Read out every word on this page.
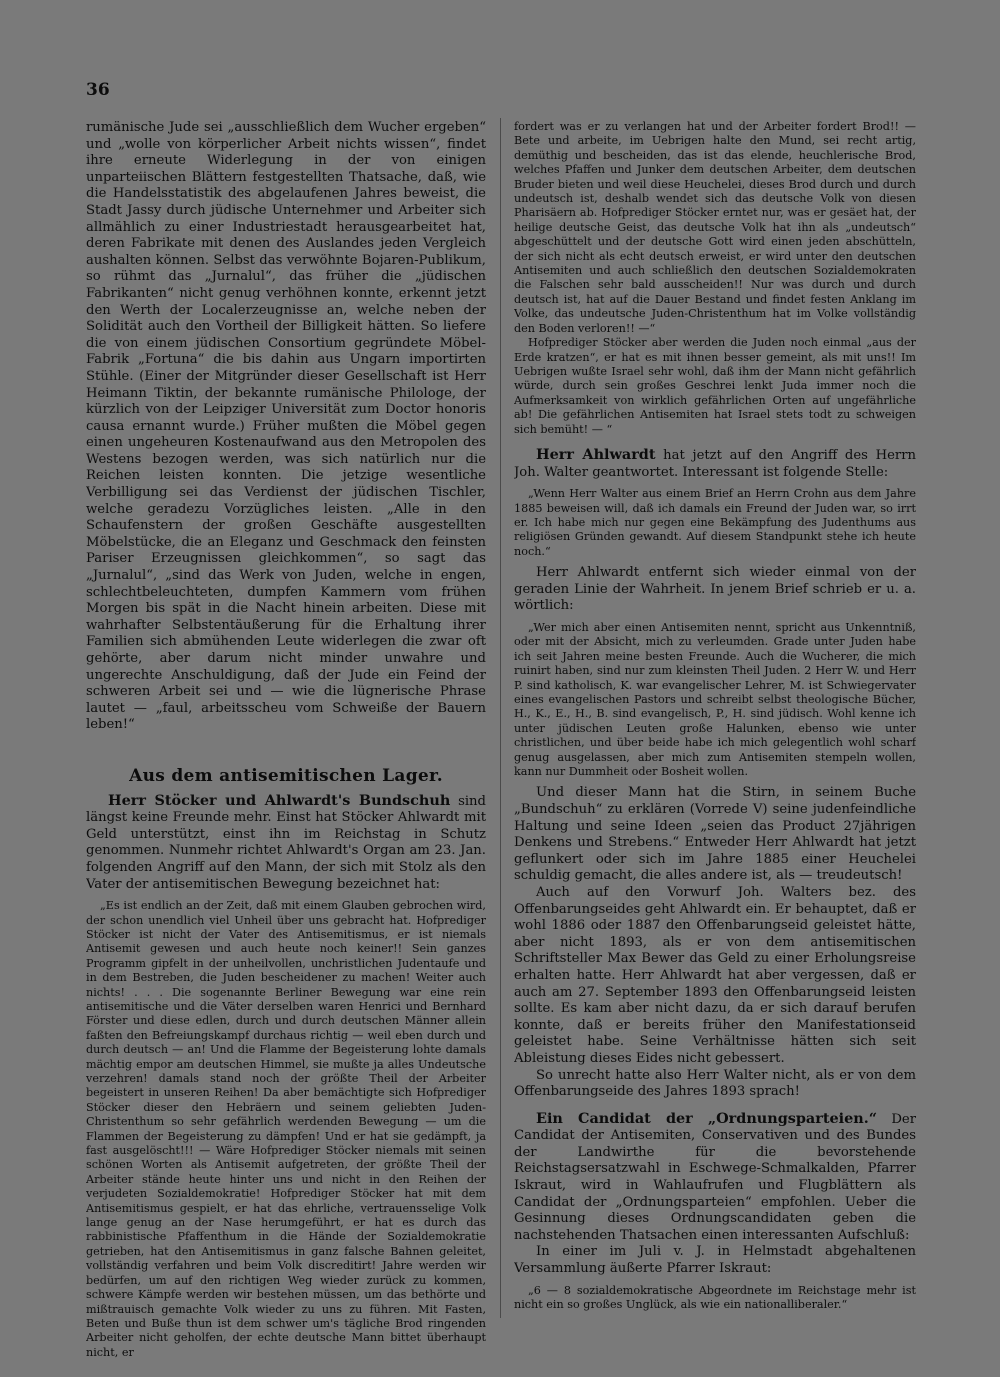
36

rumänische Jude sei „ausschließlich dem Wucher ergeben“ und „wolle von körperlicher Arbeit nichts wissen“, findet ihre erneute Widerlegung in der von einigen unparteiischen Blättern festgestellten Thatsache, daß, wie die Handelsstatistik des abgelaufenen Jahres beweist, die Stadt Jassy durch jüdische Unternehmer und Arbeiter sich allmählich zu einer Industriestadt herausgearbeitet hat, deren Fabrikate mit denen des Auslandes jeden Vergleich aushalten können. Selbst das verwöhnte Bojaren-Publikum, so rühmt das „Jurnalul“, das früher die „jüdischen Fabrikanten“ nicht genug verhöhnen konnte, erkennt jetzt den Werth der Localerzeugnisse an, welche neben der Solidität auch den Vortheil der Billigkeit hätten. So liefere die von einem jüdischen Consortium gegründete Möbel-Fabrik „Fortuna“ die bis dahin aus Ungarn importirten Stühle. (Einer der Mitgründer dieser Gesellschaft ist Herr Heimann Tiktin, der bekannte rumänische Philologe, der kürzlich von der Leipziger Universität zum Doctor honoris causa ernannt wurde.) Früher mußten die Möbel gegen einen ungeheuren Kostenaufwand aus den Metropolen des Westens bezogen werden, was sich natürlich nur die Reichen leisten konnten. Die jetzige wesentliche Verbilligung sei das Verdienst der jüdischen Tischler, welche geradezu Vorzügliches leisten. „Alle in den Schaufenstern der großen Geschäfte ausgestellten Möbelstücke, die an Eleganz und Geschmack den feinsten Pariser Erzeugnissen gleichkommen“, so sagt das „Jurnalul“, „sind das Werk von Juden, welche in engen, schlechtbeleuchteten, dumpfen Kammern vom frühen Morgen bis spät in die Nacht hinein arbeiten. Diese mit wahrhafter Selbstentäußerung für die Erhaltung ihrer Familien sich abmühenden Leute widerlegen die zwar oft gehörte, aber darum nicht minder unwahre und ungerechte Anschuldigung, daß der Jude ein Feind der schweren Arbeit sei und — wie die lügnerische Phrase lautet — „faul, arbeitsscheu vom Schweiße der Bauern leben!“

Aus dem antisemitischen Lager.

Herr Stöcker und Ahlwardt's Bundschuh sind längst keine Freunde mehr. Einst hat Stöcker Ahlwardt mit Geld unterstützt, einst ihn im Reichstag in Schutz genommen. Nunmehr richtet Ahlwardt's Organ am 23. Jan. folgenden Angriff auf den Mann, der sich mit Stolz als den Vater der antisemitischen Bewegung bezeichnet hat:

„Es ist endlich an der Zeit, daß mit einem Glauben gebrochen wird, der schon unendlich viel Unheil über uns gebracht hat. Hofprediger Stöcker ist nicht der Vater des Antisemitismus, er ist niemals Antisemit gewesen und auch heute noch keiner!! Sein ganzes Programm gipfelt in der unheilvollen, unchristlichen Judentaufe und in dem Bestreben, die Juden bescheidener zu machen! Weiter auch nichts! . . . Die sogenannte Berliner Bewegung war eine rein antisemitische und die Väter derselben waren Henrici und Bernhard Förster und diese edlen, durch und durch deutschen Männer allein faßten den Befreiungskampf durchaus richtig — weil eben durch und durch deutsch — an! Und die Flamme der Begeisterung lohte damals mächtig empor am deutschen Himmel, sie mußte ja alles Undeutsche verzehren! damals stand noch der größte Theil der Arbeiter begeistert in unseren Reihen! Da aber bemächtigte sich Hofprediger Stöcker dieser den Hebräern und seinem geliebten Juden-Christenthum so sehr gefährlich werdenden Bewegung — um die Flammen der Begeisterung zu dämpfen! Und er hat sie gedämpft, ja fast ausgelöscht!!! — Wäre Hofprediger Stöcker niemals mit seinen schönen Worten als Antisemit aufgetreten, der größte Theil der Arbeiter stände heute hinter uns und nicht in den Reihen der verjudeten Sozialdemokratie! Hofprediger Stöcker hat mit dem Antisemitismus gespielt, er hat das ehrliche, vertrauensselige Volk lange genug an der Nase herumgeführt, er hat es durch das rabbinistische Pfaffenthum in die Hände der Sozialdemokratie getrieben, hat den Antisemitismus in ganz falsche Bahnen geleitet, vollständig verfahren und beim Volk discreditirt! Jahre werden wir bedürfen, um auf den richtigen Weg wieder zurück zu kommen, schwere Kämpfe werden wir bestehen müssen, um das bethörte und mißtrauisch gemachte Volk wieder zu uns zu führen. Mit Fasten, Beten und Buße thun ist dem schwer um's tägliche Brod ringenden Arbeiter nicht geholfen, der echte deutsche Mann bittet überhaupt nicht, er

fordert was er zu verlangen hat und der Arbeiter fordert Brod!! — Bete und arbeite, im Uebrigen halte den Mund, sei recht artig, demüthig und bescheiden, das ist das elende, heuchlerische Brod, welches Pfaffen und Junker dem deutschen Arbeiter, dem deutschen Bruder bieten und weil diese Heuchelei, dieses Brod durch und durch undeutsch ist, deshalb wendet sich das deutsche Volk von diesen Pharisäern ab. Hofprediger Stöcker erntet nur, was er gesäet hat, der heilige deutsche Geist, das deutsche Volk hat ihn als „undeutsch“ abgeschüttelt und der deutsche Gott wird einen jeden abschütteln, der sich nicht als echt deutsch erweist, er wird unter den deutschen Antisemiten und auch schließlich den deutschen Sozialdemokraten die Falschen sehr bald ausscheiden!! Nur was durch und durch deutsch ist, hat auf die Dauer Bestand und findet festen Anklang im Volke, das undeutsche Juden-Christenthum hat im Volke vollständig den Boden verloren!! —“

Hofprediger Stöcker aber werden die Juden noch einmal „aus der Erde kratzen“, er hat es mit ihnen besser gemeint, als mit uns!! Im Uebrigen wußte Israel sehr wohl, daß ihm der Mann nicht gefährlich würde, durch sein großes Geschrei lenkt Juda immer noch die Aufmerksamkeit von wirklich gefährlichen Orten auf ungefährliche ab! Die gefährlichen Antisemiten hat Israel stets todt zu schweigen sich bemüht! — “

Herr Ahlwardt hat jetzt auf den Angriff des Herrn Joh. Walter geantwortet. Interessant ist folgende Stelle:

„Wenn Herr Walter aus einem Brief an Herrn Crohn aus dem Jahre 1885 beweisen will, daß ich damals ein Freund der Juden war, so irrt er. Ich habe mich nur gegen eine Bekämpfung des Judenthums aus religiösen Gründen gewandt. Auf diesem Standpunkt stehe ich heute noch.“

Herr Ahlwardt entfernt sich wieder einmal von der geraden Linie der Wahrheit. In jenem Brief schrieb er u. a. wörtlich:

„Wer mich aber einen Antisemiten nennt, spricht aus Unkenntniß, oder mit der Absicht, mich zu verleumden. Grade unter Juden habe ich seit Jahren meine besten Freunde. Auch die Wucherer, die mich ruinirt haben, sind nur zum kleinsten Theil Juden. 2 Herr W. und Herr P. sind katholisch, K. war evangelischer Lehrer, M. ist Schwiegervater eines evangelischen Pastors und schreibt selbst theologische Bücher, H., K., E., H., B. sind evangelisch, P., H. sind jüdisch. Wohl kenne ich unter jüdischen Leuten große Halunken, ebenso wie unter christlichen, und über beide habe ich mich gelegentlich wohl scharf genug ausgelassen, aber mich zum Antisemiten stempeln wollen, kann nur Dummheit oder Bosheit wollen.

Und dieser Mann hat die Stirn, in seinem Buche „Bundschuh“ zu erklären (Vorrede V) seine judenfeindliche Haltung und seine Ideen „seien das Product 27jährigen Denkens und Strebens.“ Entweder Herr Ahlwardt hat jetzt geflunkert oder sich im Jahre 1885 einer Heuchelei schuldig gemacht, die alles andere ist, als — treudeutsch!

Auch auf den Vorwurf Joh. Walters bez. des Offenbarungseides geht Ahlwardt ein. Er behauptet, daß er wohl 1886 oder 1887 den Offenbarungseid geleistet hätte, aber nicht 1893, als er von dem antisemitischen Schriftsteller Max Bewer das Geld zu einer Erholungsreise erhalten hatte. Herr Ahlwardt hat aber vergessen, daß er auch am 27. September 1893 den Offenbarungseid leisten sollte. Es kam aber nicht dazu, da er sich darauf berufen konnte, daß er bereits früher den Manifestationseid geleistet habe. Seine Verhältnisse hätten sich seit Ableistung dieses Eides nicht gebessert.

So unrecht hatte also Herr Walter nicht, als er von dem Offenbarungseide des Jahres 1893 sprach!

Ein Candidat der „Ordnungsparteien.“ Der Candidat der Antisemiten, Conservativen und des Bundes der Landwirthe für die bevorstehende Reichstagsersatzwahl in Eschwege-Schmalkalden, Pfarrer Iskraut, wird in Wahlaufrufen und Flugblättern als Candidat der „Ordnungsparteien“ empfohlen. Ueber die Gesinnung dieses Ordnungscandidaten geben die nachstehenden Thatsachen einen interessanten Aufschluß:

In einer im Juli v. J. in Helmstadt abgehaltenen Versammlung äußerte Pfarrer Iskraut:

„6 — 8 sozialdemokratische Abgeordnete im Reichstage mehr ist nicht ein so großes Unglück, als wie ein nationalliberaler.“
